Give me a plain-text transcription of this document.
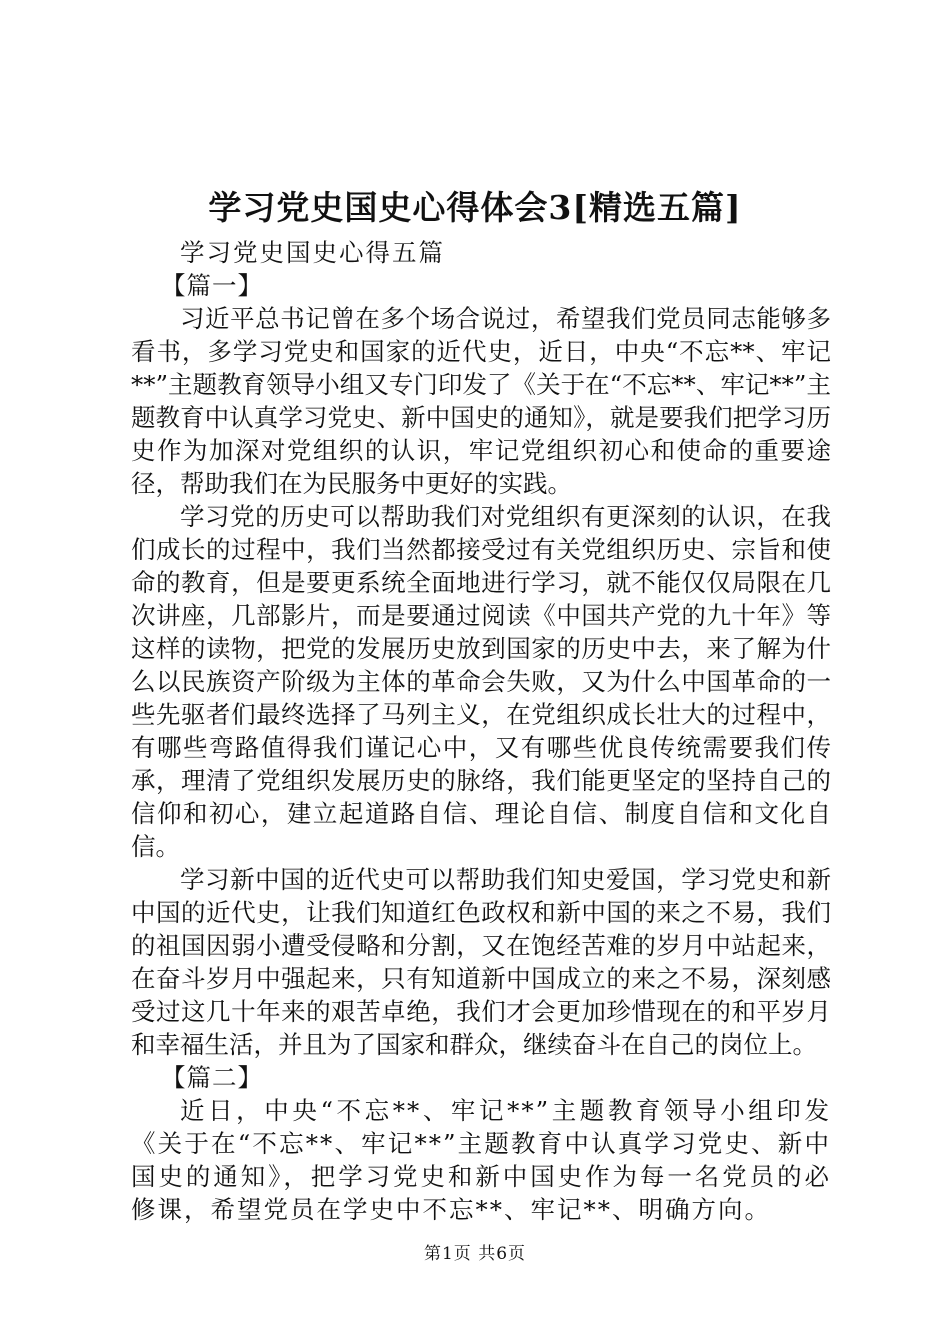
学习党史国史心得体会3[精选五篇]
学习党史国史心得五篇
【篇一】

习近平总书记曾在多个场合说过，希望我们党员同志能够多看书，多学习党史和国家的近代史，近日，中央“不忘**、牢记**”主题教育领导小组又专门印发了《关于在“不忘**、牢记**”主题教育中认真学习党史、新中国史的通知》，就是要我们把学习历史作为加深对党组织的认识，牢记党组织初心和使命的重要途径，帮助我们在为民服务中更好的实践。

学习党的历史可以帮助我们对党组织有更深刻的认识，在我们成长的过程中，我们当然都接受过有关党组织历史、宗旨和使命的教育，但是要更系统全面地进行学习，就不能仅仅局限在几次讲座，几部影片，而是要通过阅读《中国共产党的九十年》等这样的读物，把党的发展历史放到国家的历史中去，来了解为什么以民族资产阶级为主体的革命会失败，又为什么中国革命的一些先驱者们最终选择了马列主义，在党组织成长壮大的过程中，有哪些弯路值得我们谨记心中，又有哪些优良传统需要我们传承，理清了党组织发展历史的脉络，我们能更坚定的坚持自己的信仰和初心，建立起道路自信、理论自信、制度自信和文化自信。

学习新中国的近代史可以帮助我们知史爱国，学习党史和新中国的近代史，让我们知道红色政权和新中国的来之不易，我们的祖国因弱小遭受侵略和分割，又在饱经苦难的岁月中站起来，在奋斗岁月中强起来，只有知道新中国成立的来之不易，深刻感受过这几十年来的艰苦卓绝，我们才会更加珍惜现在的和平岁月和幸福生活，并且为了国家和群众，继续奋斗在自己的岗位上。

【篇二】

近日，中央“不忘**、牢记**”主题教育领导小组印发《关于在“不忘**、牢记**”主题教育中认真学习党史、新中国史的通知》，把学习党史和新中国史作为每一名党员的必修课，希望党员在学史中不忘**、牢记**、明确方向。

第1页 共6页
